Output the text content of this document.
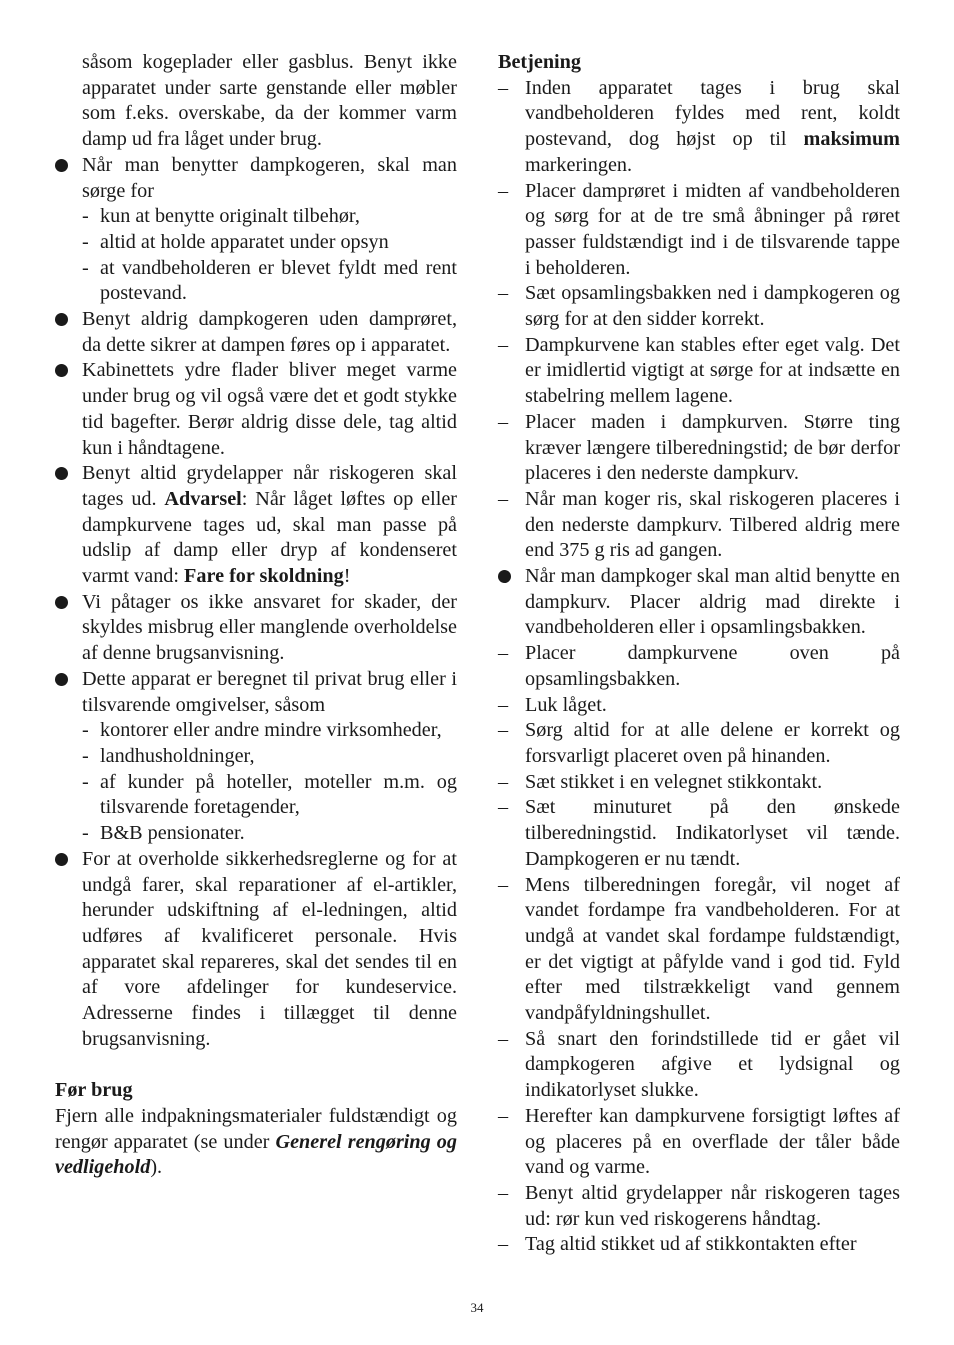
såsom kogeplader eller gasblus. Benyt ikke apparatet under sarte genstande eller møbler som f.eks. overskabe, da der kommer varm damp ud fra låget under brug.

Når man benytter dampkogeren, skal man sørge for

- kun at benytte originalt tilbehør,
- altid at holde apparatet under opsyn
- at vandbeholderen er blevet fyldt med rent postevand.

Benyt aldrig dampkogeren uden damprøret, da dette sikrer at dampen føres op i apparatet.

Kabinettets ydre flader bliver meget varme under brug og vil også være det et godt stykke tid bagefter. Berør aldrig disse dele, tag altid kun i håndtagene.

Benyt altid grydelapper når riskogeren skal tages ud. Advarsel: Når låget løftes op eller dampkurvene tages ud, skal man passe på udslip af damp eller dryp af kondenseret varmt vand: Fare for skoldning!

Vi påtager os ikke ansvaret for skader, der skyldes misbrug eller manglende overholdelse af denne brugsanvisning.

Dette apparat er beregnet til privat brug eller i tilsvarende omgivelser, såsom

- kontorer eller andre mindre virksomheder,
- landhusholdninger,
- af kunder på hoteller, moteller m.m. og tilsvarende foretagender,
- B&B pensionater.

For at overholde sikkerhedsreglerne og for at undgå farer, skal reparationer af el-artikler, herunder udskiftning af el-ledningen, altid udføres af kvalificeret personale. Hvis apparatet skal repareres, skal det sendes til en af vore afdelinger for kundeservice. Adresserne findes i tillægget til denne brugsanvisning.

Før brug

Fjern alle indpakningsmaterialer fuldstændigt og rengør apparatet (se under Generel rengøring og vedligehold).

Betjening

– Inden apparatet tages i brug skal vandbeholderen fyldes med rent, koldt postevand, dog højst op til maksimum markeringen.

– Placer damprøret i midten af vandbeholderen og sørg for at de tre små åbninger på røret passer fuldstændigt ind i de tilsvarende tappe i beholderen.

– Sæt opsamlingsbakken ned i dampkogeren og sørg for at den sidder korrekt.

– Dampkurvene kan stables efter eget valg. Det er imidlertid vigtigt at sørge for at indsætte en stabelring mellem lagene.

– Placer maden i dampkurven. Større ting kræver længere tilberedningstid; de bør derfor placeres i den nederste dampkurv.

– Når man koger ris, skal riskogeren placeres i den nederste dampkurv. Tilbered aldrig mere end 375 g ris ad gangen.

Når man dampkoger skal man altid benytte en dampkurv. Placer aldrig mad direkte i vandbeholderen eller i opsamlingsbakken.

– Placer dampkurvene oven på opsamlingsbakken.

– Luk låget.

– Sørg altid for at alle delene er korrekt og forsvarligt placeret oven på hinanden.

– Sæt stikket i en velegnet stikkontakt.

– Sæt minuturet på den ønskede tilberedningstid. Indikatorlyset vil tænde. Dampkogeren er nu tændt.

– Mens tilberedningen foregår, vil noget af vandet fordampe fra vandbeholderen. For at undgå at vandet skal fordampe fuldstændigt, er det vigtigt at påfylde vand i god tid. Fyld efter med tilstrækkeligt vand gennem vandpåfyldningshullet.

– Så snart den forindstillede tid er gået vil dampkogeren afgive et lydsignal og indikatorlyset slukke.

– Herefter kan dampkurvene forsigtigt løftes af og placeres på en overflade der tåler både vand og varme.

– Benyt altid grydelapper når riskogeren tages ud: rør kun ved riskogerens håndtag.

– Tag altid stikket ud af stikkontakten efter

34
